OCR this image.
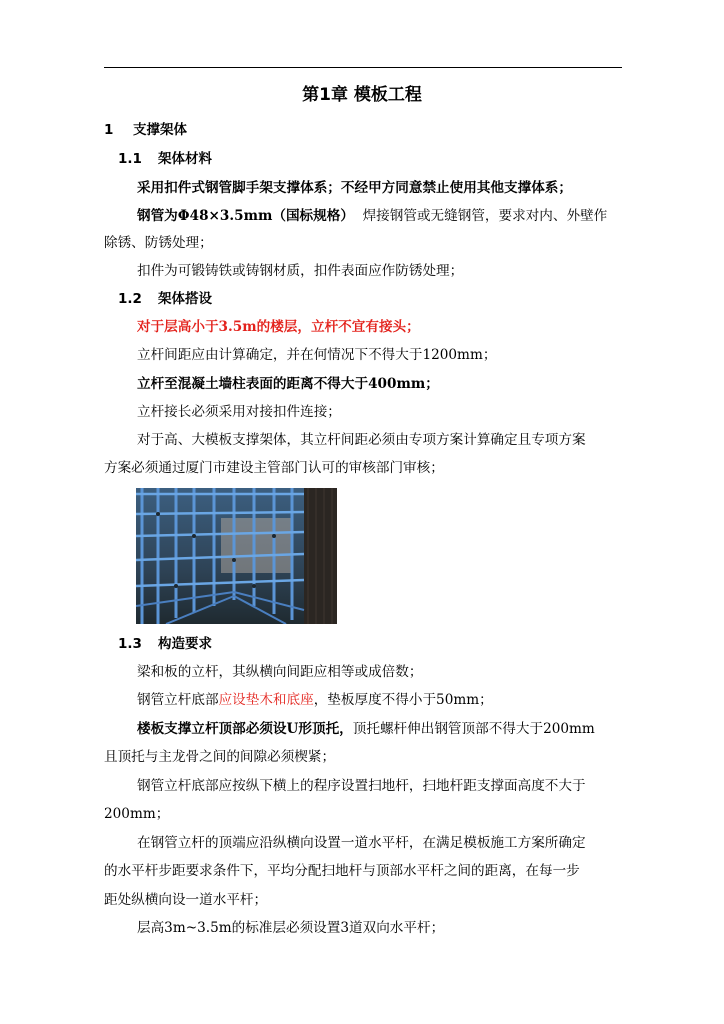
第1章 模板工程
1 支撑架体
1.1 架体材料
采用扣件式钢管脚手架支撑体系；不经甲方同意禁止使用其他支撑体系；
钢管为Φ48×3.5mm（国标规格） 焊接钢管或无缝钢管，要求对内、外壁作
除锈、防锈处理；
扣件为可锻铸铁或铸钢材质，扣件表面应作防锈处理；
1.2 架体搭设
对于层高小于3.5m的楼层，立杆不宜有接头；
立杆间距应由计算确定，并在何情况下不得大于1200mm；
立杆至混凝土墙柱表面的距离不得大于400mm；
立杆接长必须采用对接扣件连接；
对于高、大模板支撑架体，其立杆间距必须由专项方案计算确定且专项方案
方案必须通过厦门市建设主管部门认可的审核部门审核；
1.3 构造要求
梁和板的立杆，其纵横向间距应相等或成倍数；
钢管立杆底部应设垫木和底座，垫板厚度不得小于50mm；
楼板支撑立杆顶部必须设U形顶托，顶托螺杆伸出钢管顶部不得大于200mm
且顶托与主龙骨之间的间隙必须楔紧；
钢管立杆底部应按纵下横上的程序设置扫地杆，扫地杆距支撑面高度不大于
200mm；
在钢管立杆的顶端应沿纵横向设置一道水平杆，在满足模板施工方案所确定
的水平杆步距要求条件下，平均分配扫地杆与顶部水平杆之间的距离，在每一步
距处纵横向设一道水平杆；
层高3m~3.5m的标准层必须设置3道双向水平杆；
